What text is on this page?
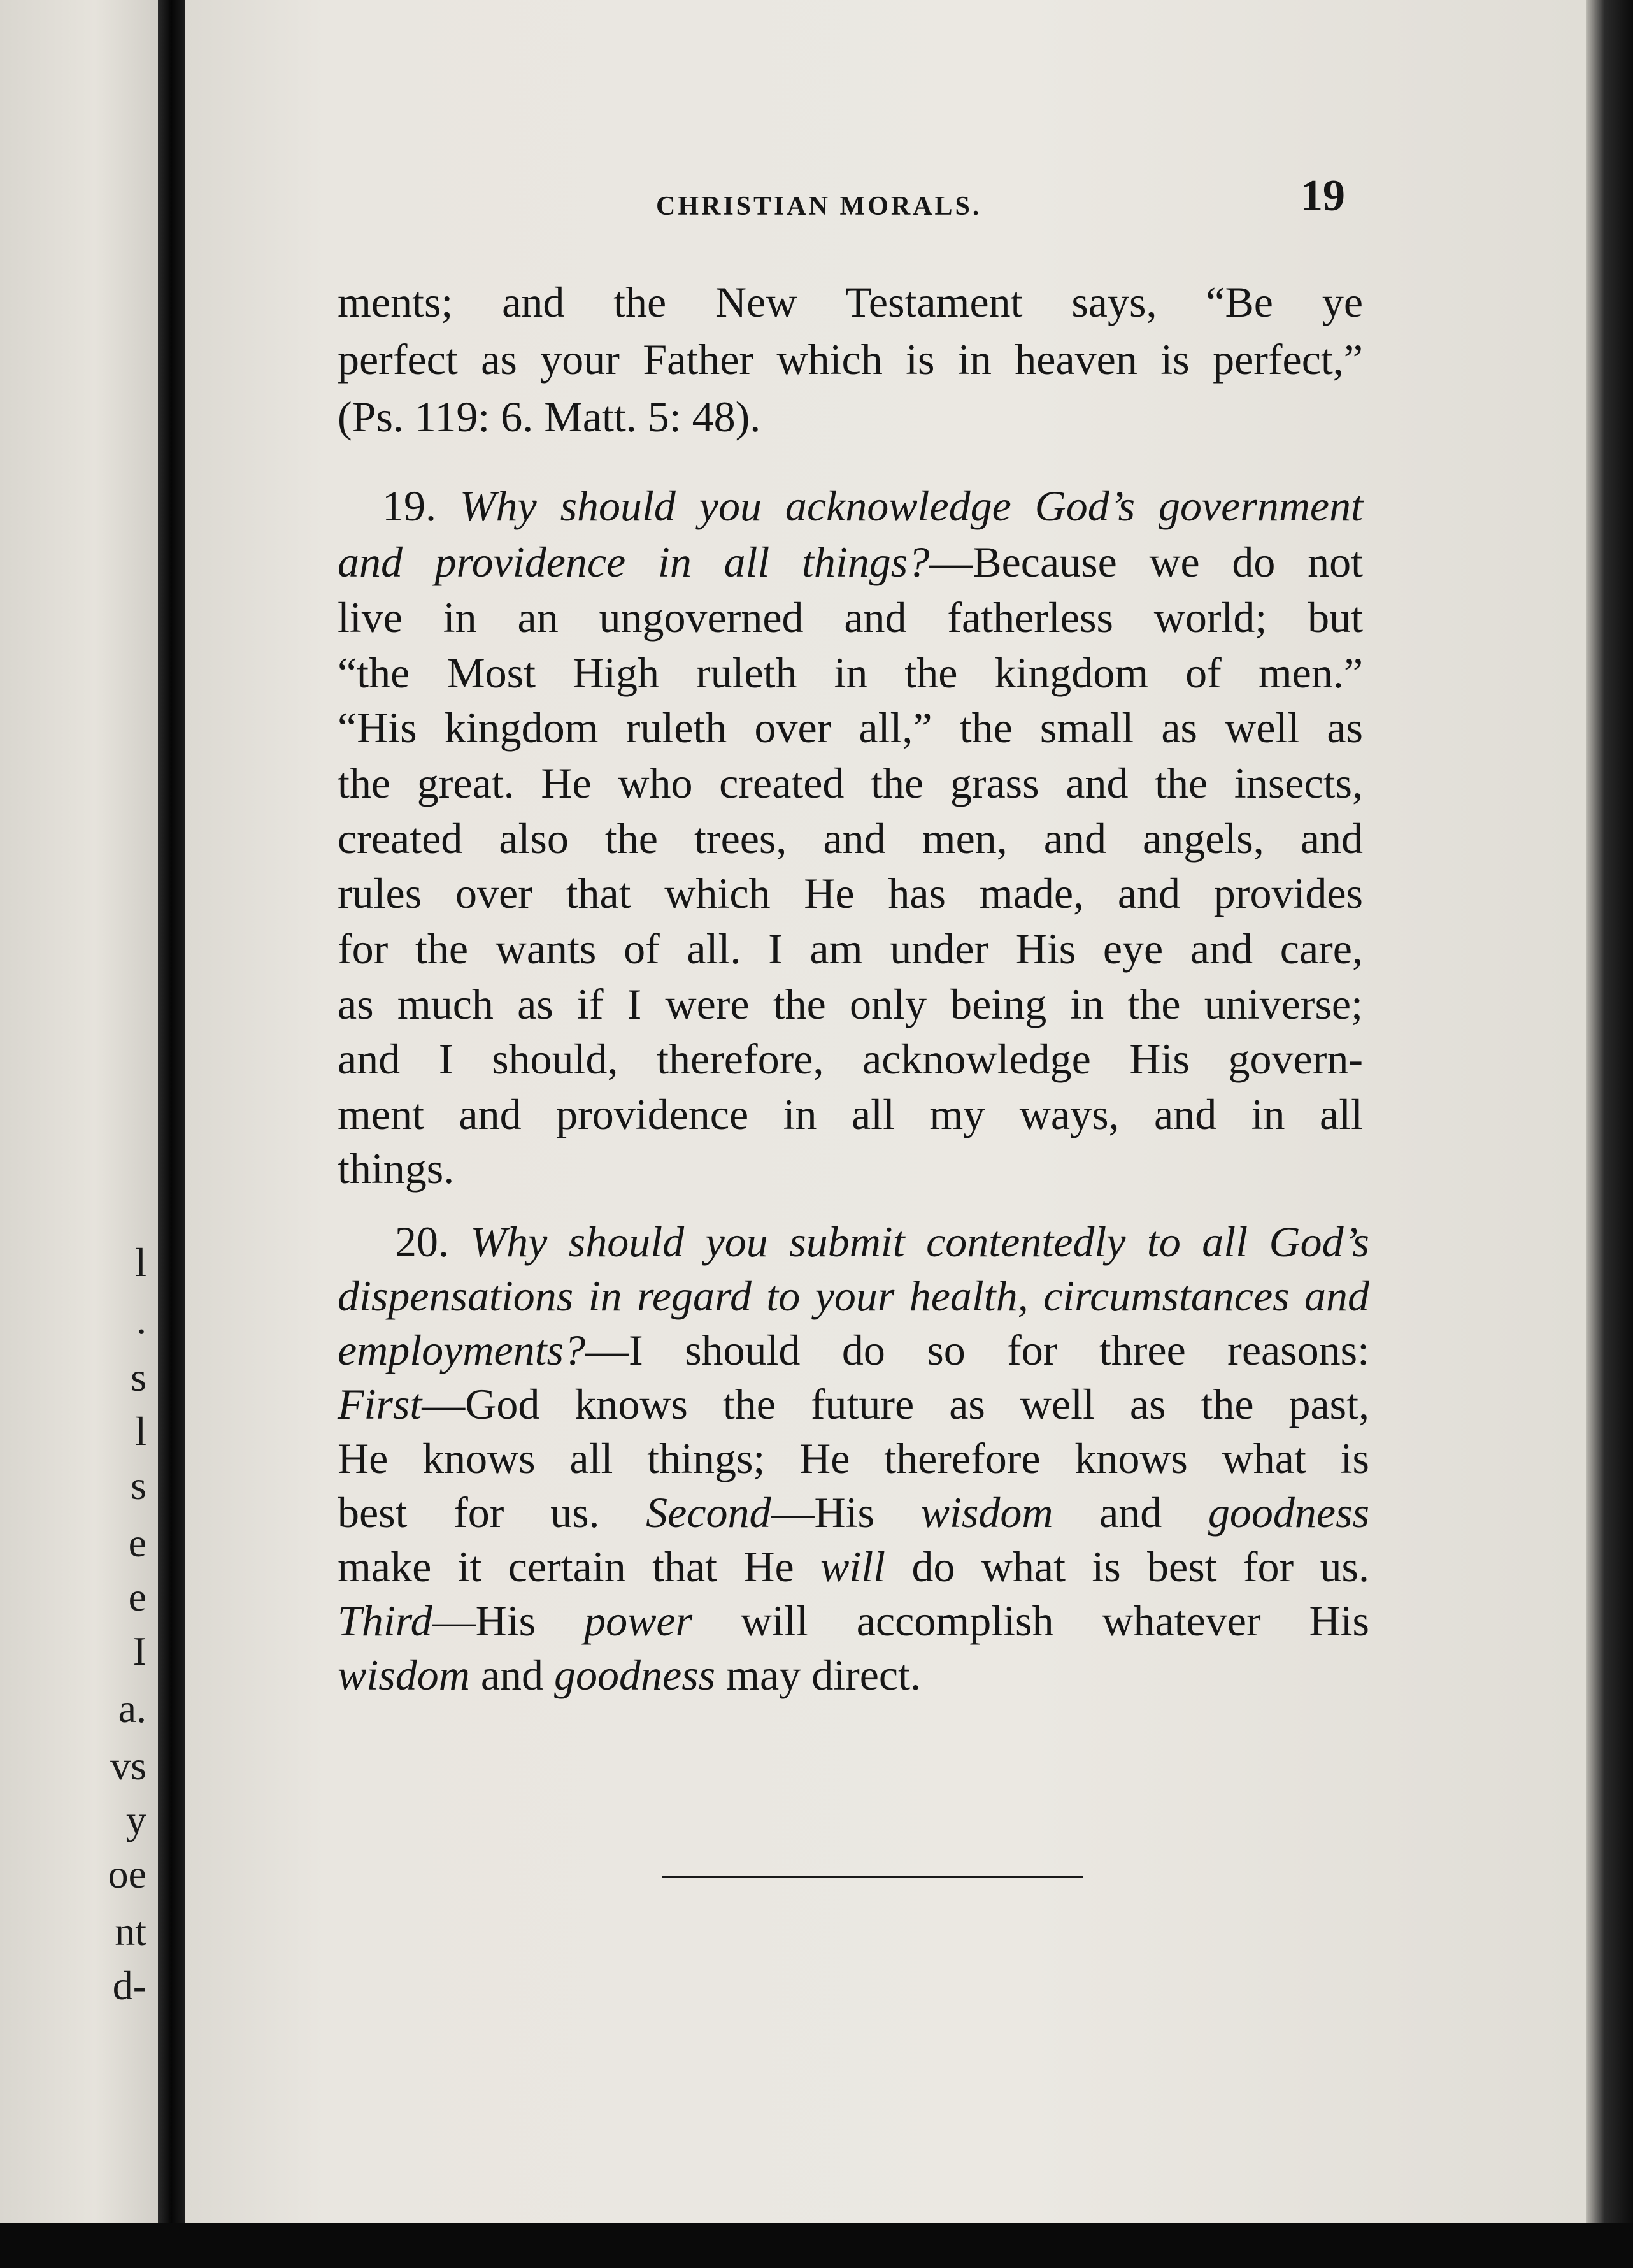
l
.
s
l
s
e
e
I
a.
vs
y
oe
nt
d-
CHRISTIAN MORALS.	19
ments; and the New Testament says, “Be ye
perfect as your Father which is in heaven is perfect,”
(Ps. 119: 6. Matt. 5: 48).
19. Why should you acknowledge God’s government
and providence in all things?—Because we do not
live in an ungoverned and fatherless world; but
“the Most High ruleth in the kingdom of men.”
“His kingdom ruleth over all,” the small as well as
the great. He who created the grass and the insects,
created also the trees, and men, and angels, and
rules over that which He has made, and provides
for the wants of all. I am under His eye and care,
as much as if I were the only being in the universe;
and I should, therefore, acknowledge His govern-
ment and providence in all my ways, and in all
things.
20. Why should you submit contentedly to all God’s
dispensations in regard to your health, circumstances and
employments?—I should do so for three reasons:
First—God knows the future as well as the past,
He knows all things; He therefore knows what is
best for us. Second—His wisdom and goodness
make it certain that He will do what is best for us.
Third—His power will accomplish whatever His
wisdom and goodness may direct.
